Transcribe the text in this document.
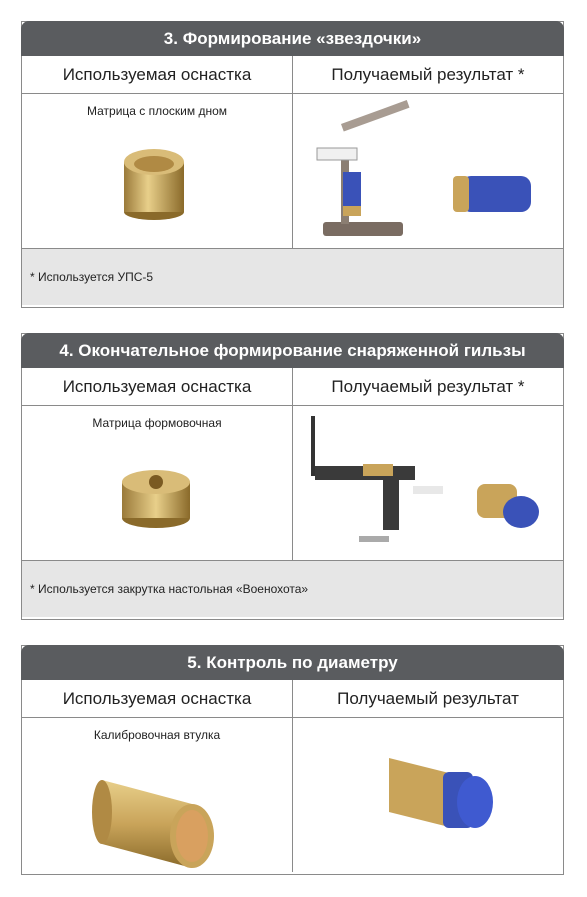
3. Формирование «звездочки»
Используемая оснастка	Получаемый результат *
Матрица с плоским дном
* Используется УПС-5
4. Окончательное формирование снаряженной гильзы
Используемая оснастка	Получаемый результат *
Матрица формовочная
* Используется закрутка настольная «Военохота»
5. Контроль по диаметру
Используемая оснастка	Получаемый результат
Калибровочная втулка
